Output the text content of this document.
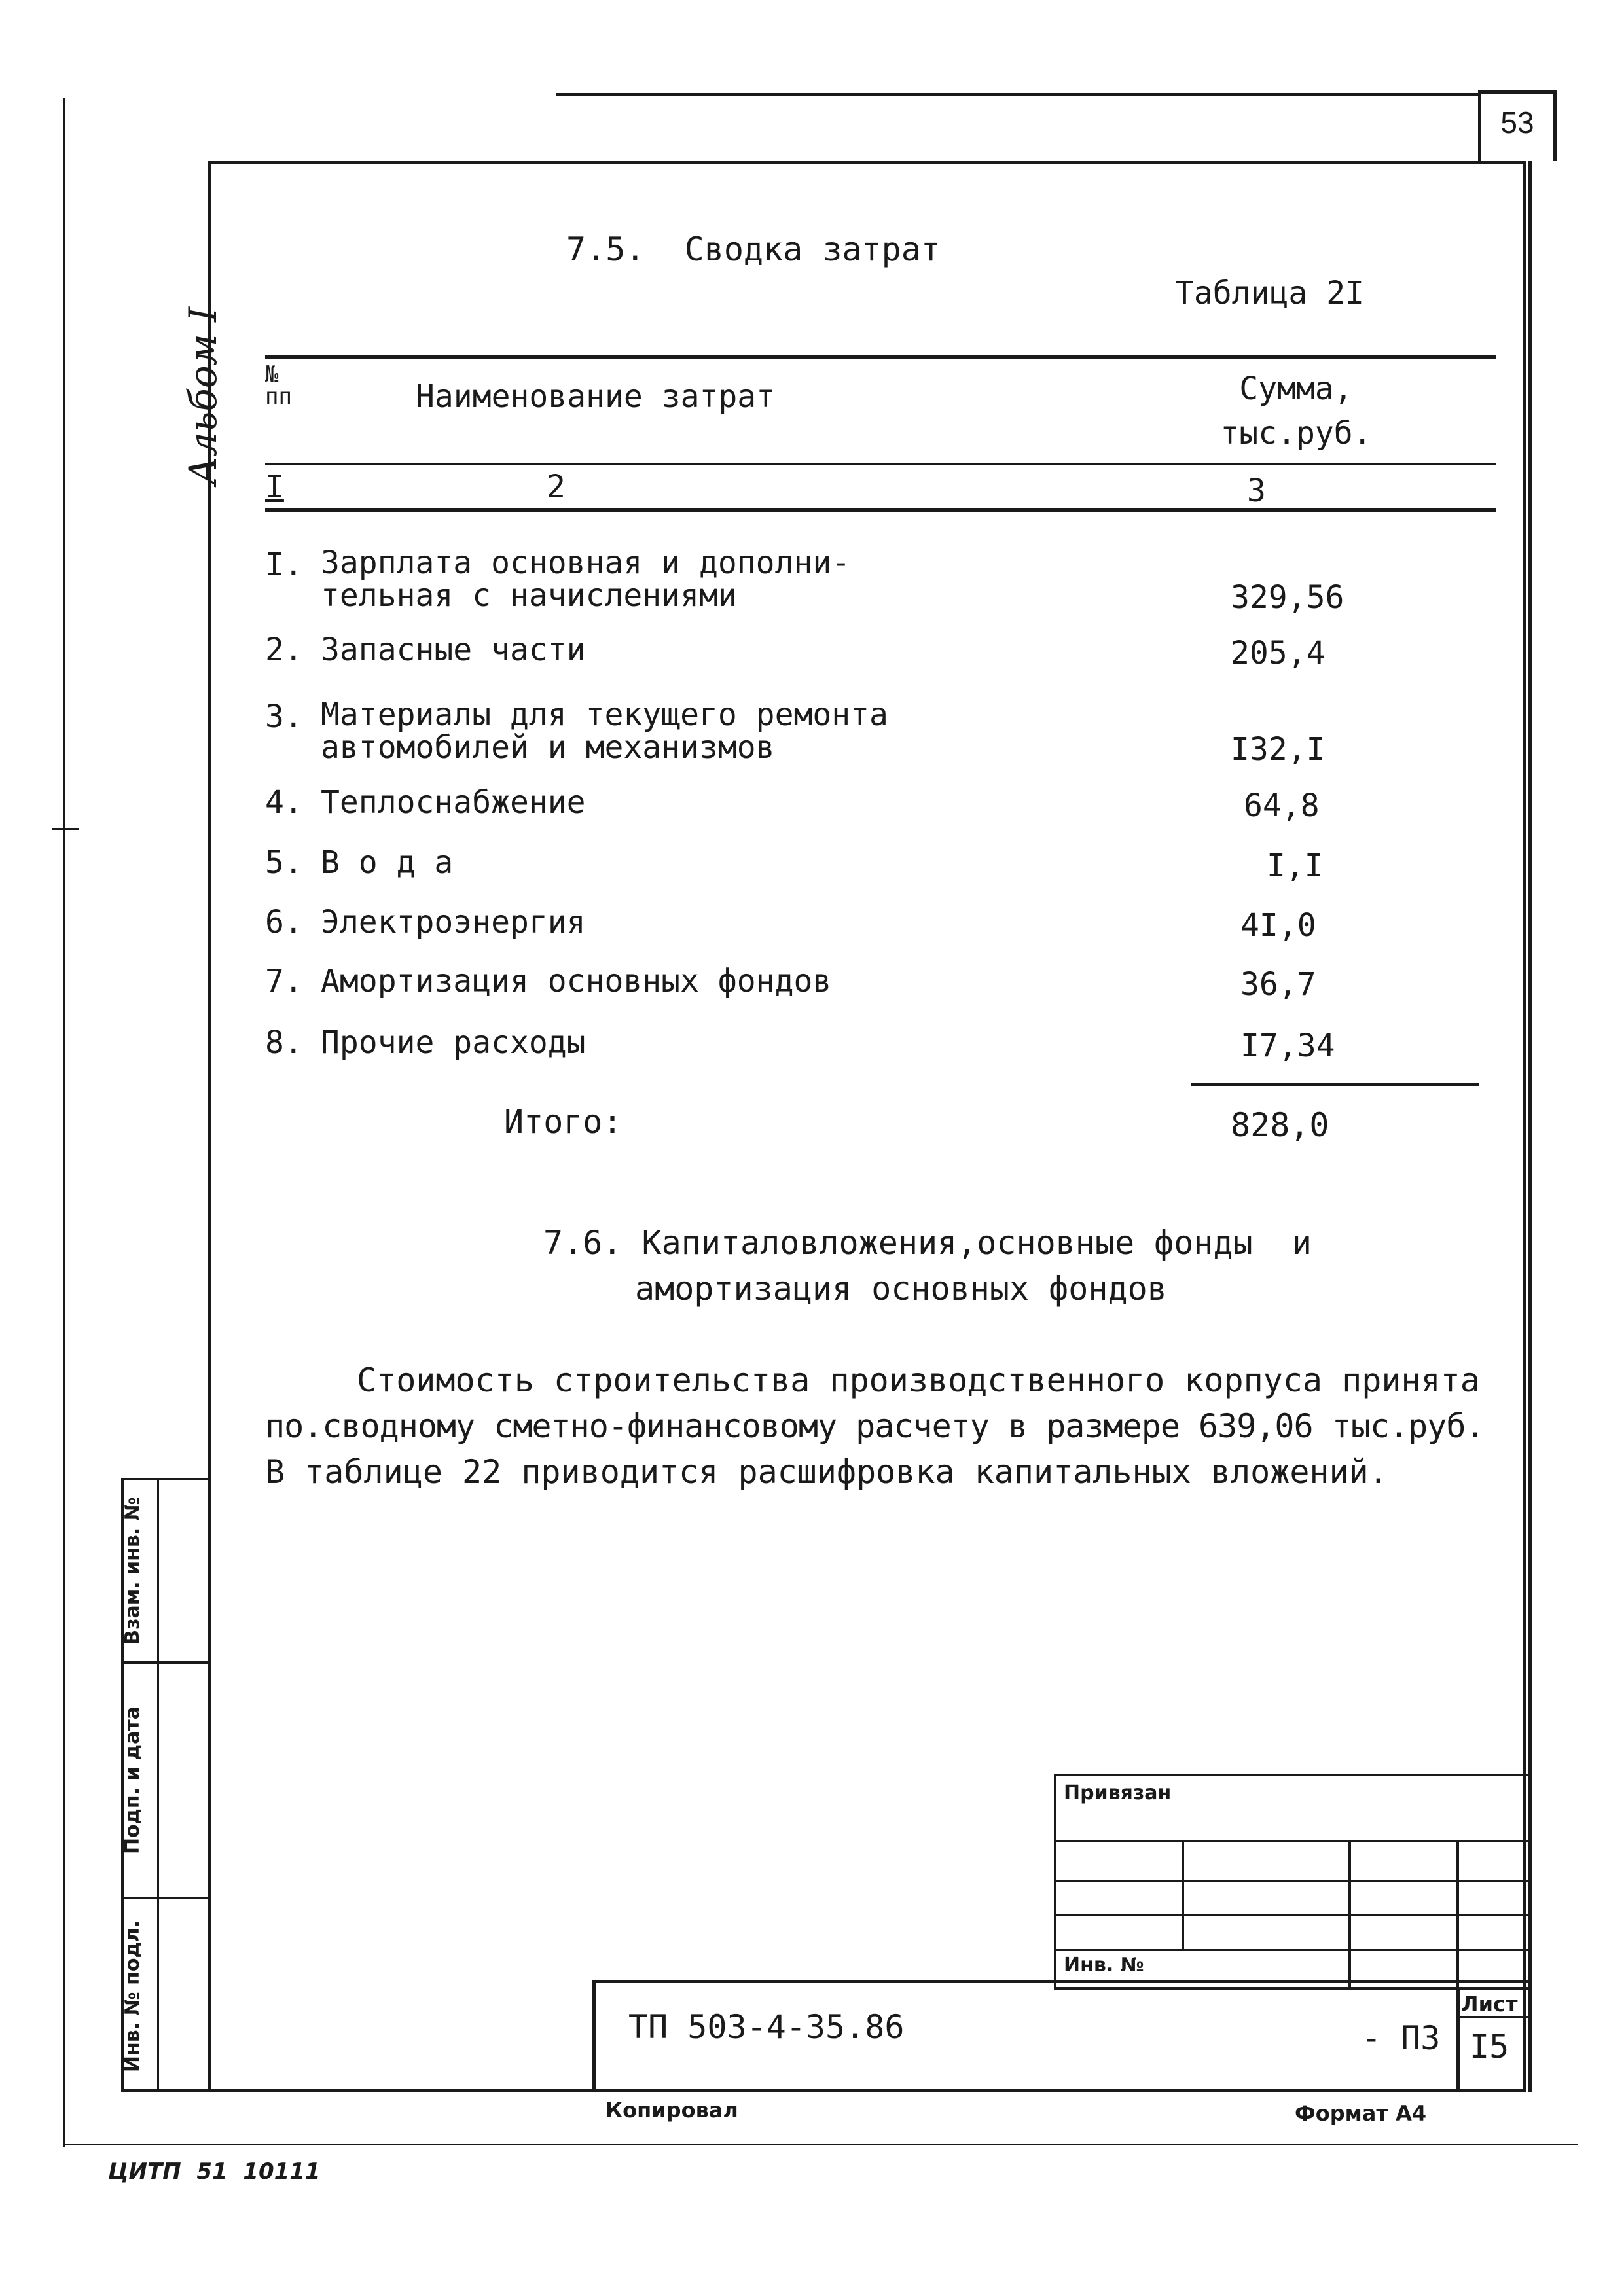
53
Альбом I
7.5.  Сводка затрат
Таблица 2I
№
пп	Наименование затрат	Сумма,
тыс.руб.
I	2	3
I. Зарплата основная и дополни-
тельная с начислениями	329,56
2. Запасные части	205,4
3. Материалы для текущего ремонта
автомобилей и механизмов	I32,I
4. Теплоснабжение	64,8
5. В о д а	I,I
6. Электроэнергия	4I,0
7. Амортизация основных фондов	36,7
8. Прочие расходы	I7,34
Итого:	828,0
7.6. Капиталовложения,основные фонды  и
амортизация основных фондов
Стоимость строительства производственного корпуса принята
по.сводному сметно-финансовому расчету в размере 639,06 тыс.руб.
В таблице 22 приводится расшифровка капитальных вложений.
Взам. инв. №
Подп. и дата
Инв. № подл.
Привязан
Инв. №
ТП 503-4-35.86	- ПЗ
Лист
I5
Копировал	Формат А4
ЦИТП  51  10111
